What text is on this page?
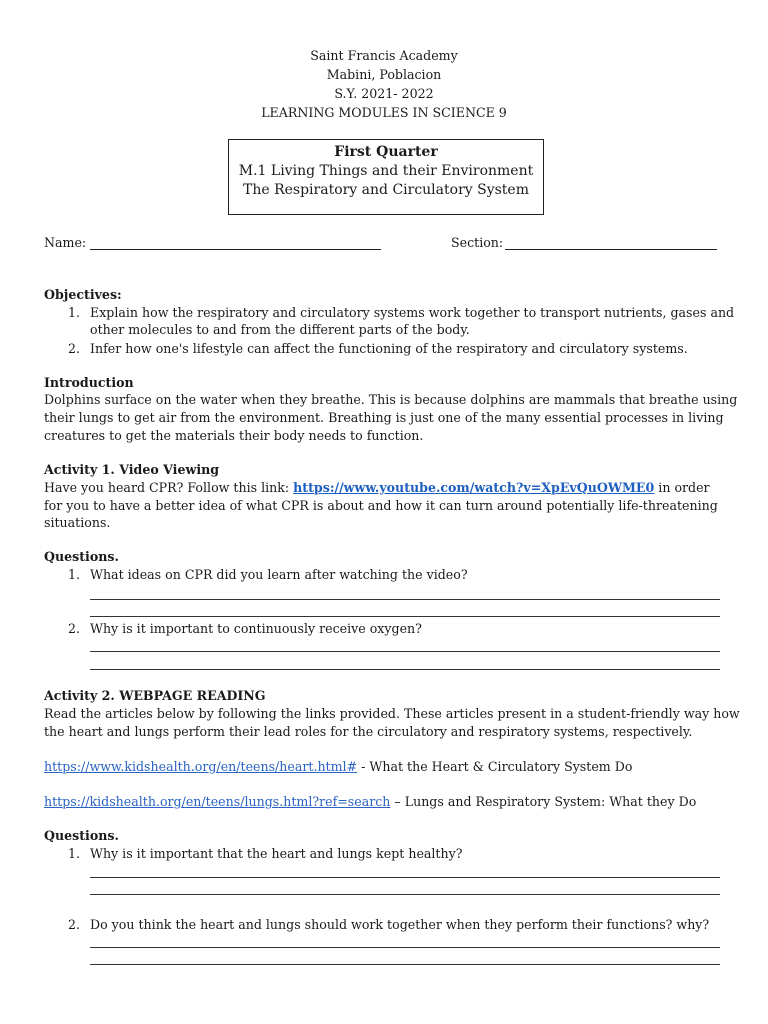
Saint Francis Academy
Mabini, Poblacion
S.Y. 2021- 2022
LEARNING MODULES IN SCIENCE 9
First Quarter
M.1 Living Things and their Environment
The Respiratory and Circulatory System
Name:	Section:
Objectives:
1. Explain how the respiratory and circulatory systems work together to transport nutrients, gases and
other molecules to and from the different parts of the body.
2. Infer how one's lifestyle can affect the functioning of the respiratory and circulatory systems.
Introduction
Dolphins surface on the water when they breathe. This is because dolphins are mammals that breathe using
their lungs to get air from the environment. Breathing is just one of the many essential processes in living
creatures to get the materials their body needs to function.
Activity 1. Video Viewing
Have you heard CPR? Follow this link: https://www.youtube.com/watch?v=XpEvQuOWME0 in order
for you to have a better idea of what CPR is about and how it can turn around potentially life-threatening
situations.
Questions.
1. What ideas on CPR did you learn after watching the video?
2. Why is it important to continuously receive oxygen?
Activity 2. WEBPAGE READING
Read the articles below by following the links provided. These articles present in a student-friendly way how
the heart and lungs perform their lead roles for the circulatory and respiratory systems, respectively.
https://www.kidshealth.org/en/teens/heart.html# - What the Heart & Circulatory System Do
https://kidshealth.org/en/teens/lungs.html?ref=search – Lungs and Respiratory System: What they Do
Questions.
1. Why is it important that the heart and lungs kept healthy?
2. Do you think the heart and lungs should work together when they perform their functions? why?
